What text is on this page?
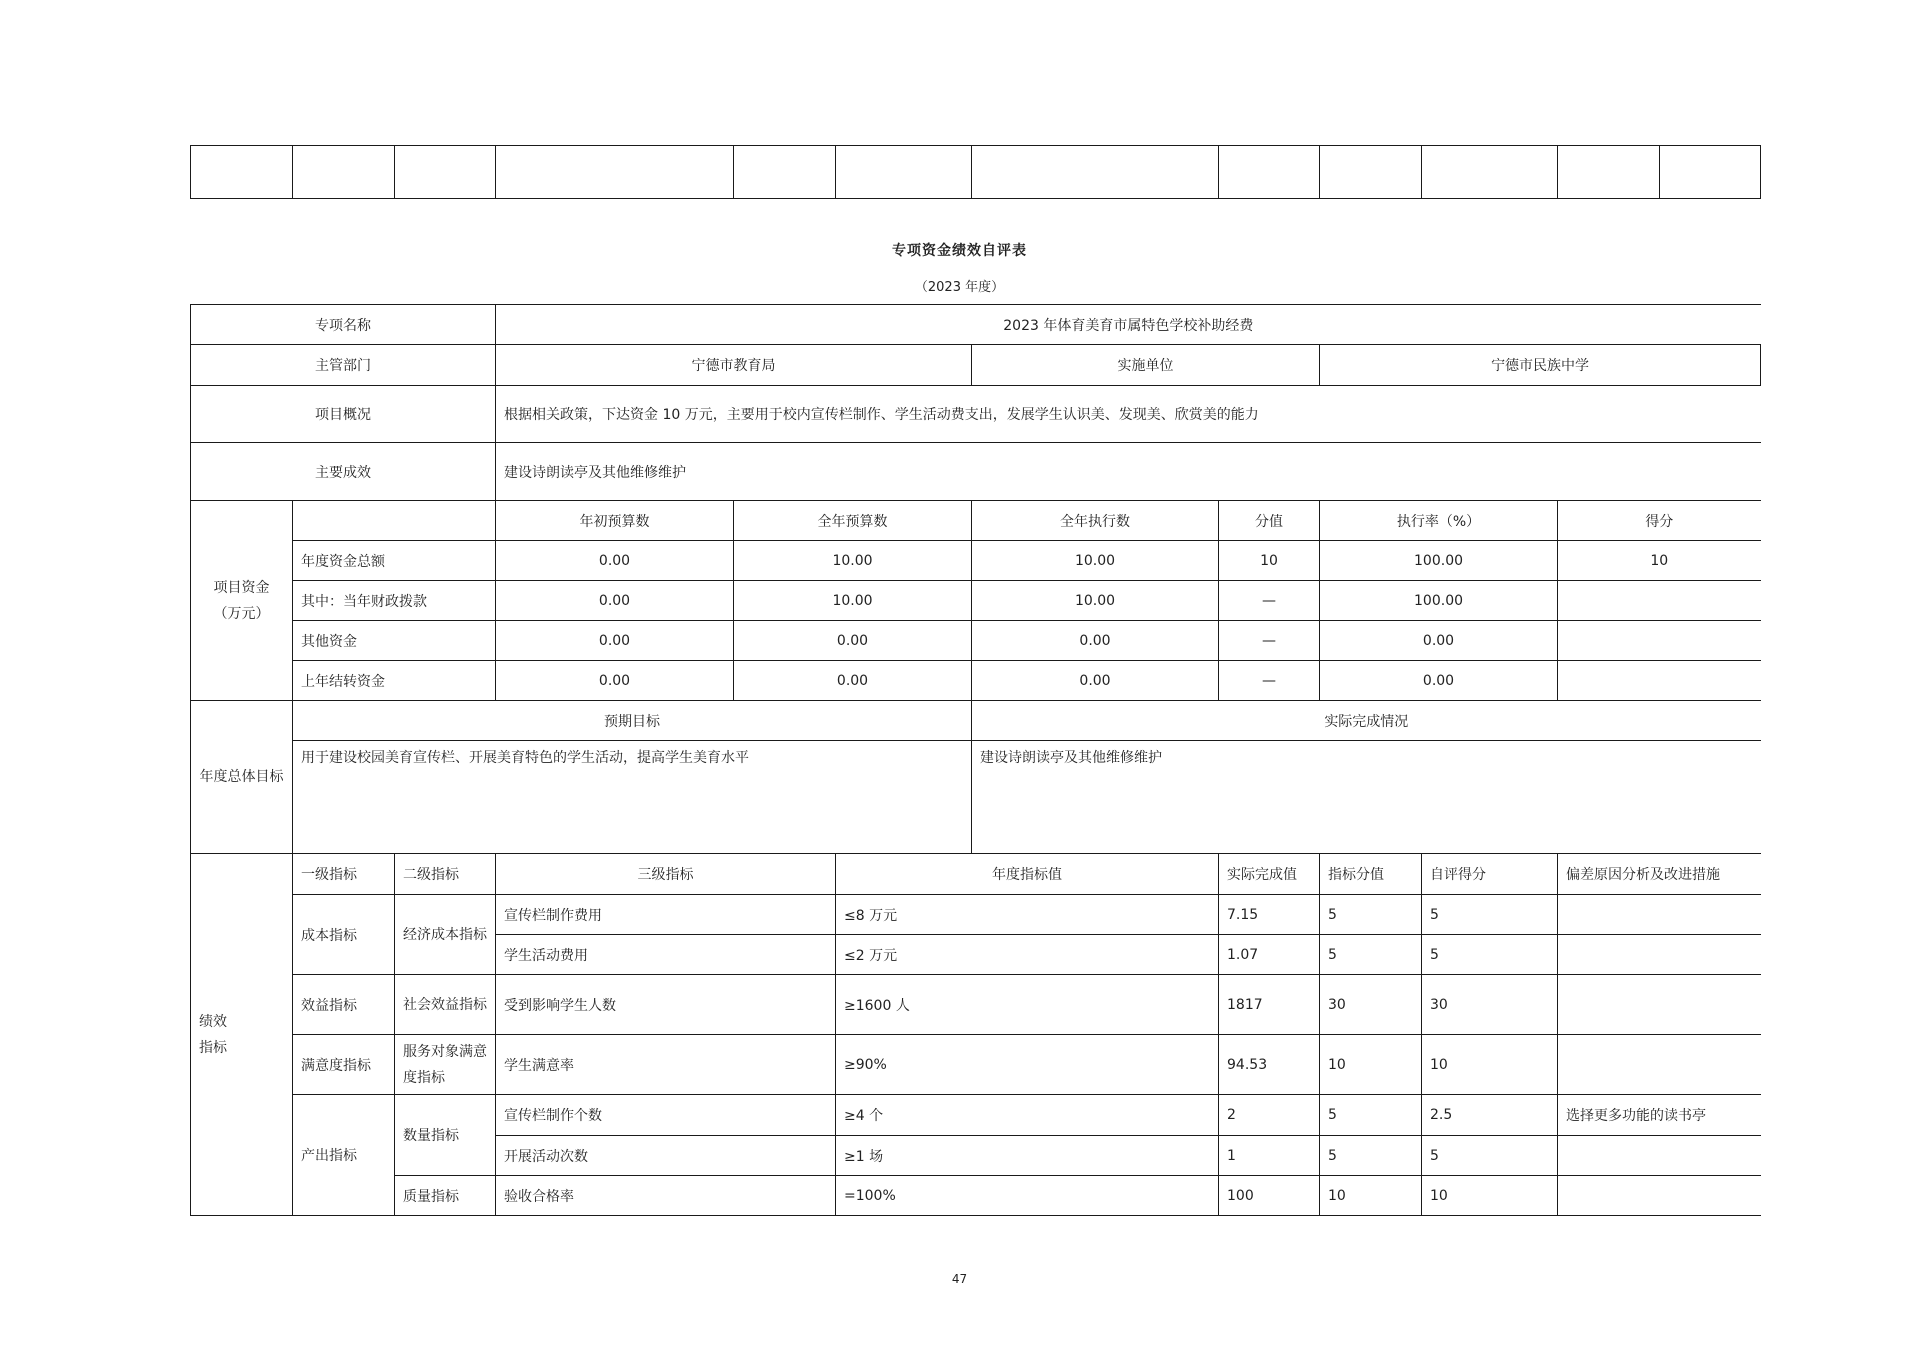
专项资金绩效自评表
（2023 年度）
专项名称			2023 年体育美育市属特色学校补助经费							
主管部门			宁德市教育局			实施单位		宁德市民族中学		
项目概况			根据相关政策，下达资金 10 万元，主要用于校内宣传栏制作、学生活动费支出，发展学生认识美、发现美、欣赏美的能力							
主要成效			建设诗朗读亭及其他维修维护							
项目资金
（万元）			年初预算数	全年预算数		全年执行数	分值	执行率（%）		得分
	年度资金总额		0.00	10.00		10.00	10	100.00		10
	其中：当年财政拨款		0.00	10.00		10.00	—	100.00		
	其他资金		0.00	0.00		0.00	—	0.00		
	上年结转资金		0.00	0.00		0.00	—	0.00		
年度总体目标	预期目标					实际完成情况				
	用于建设校园美育宣传栏、开展美育特色的学生活动，提高学生美育水平					建设诗朗读亭及其他维修维护				
绩效
指标	一级指标	二级指标	三级指标		年度指标值		实际完成值	指标分值	自评得分	偏差原因分析及改进措施
	成本指标	经济成本指标	宣传栏制作费用		≤8 万元		7.15	5	5	
			学生活动费用		≤2 万元		1.07	5	5	
	效益指标	社会效益指标	受到影响学生人数		≥1600 人		1817	30	30	
	满意度指标	服务对象满意度指标	学生满意率		≥90%		94.53	10	10	
	产出指标	数量指标	宣传栏制作个数		≥4 个		2	5	2.5	选择更多功能的读书亭
			开展活动次数		≥1 场		1	5	5	
		质量指标	验收合格率		=100%		100	10	10	
47
